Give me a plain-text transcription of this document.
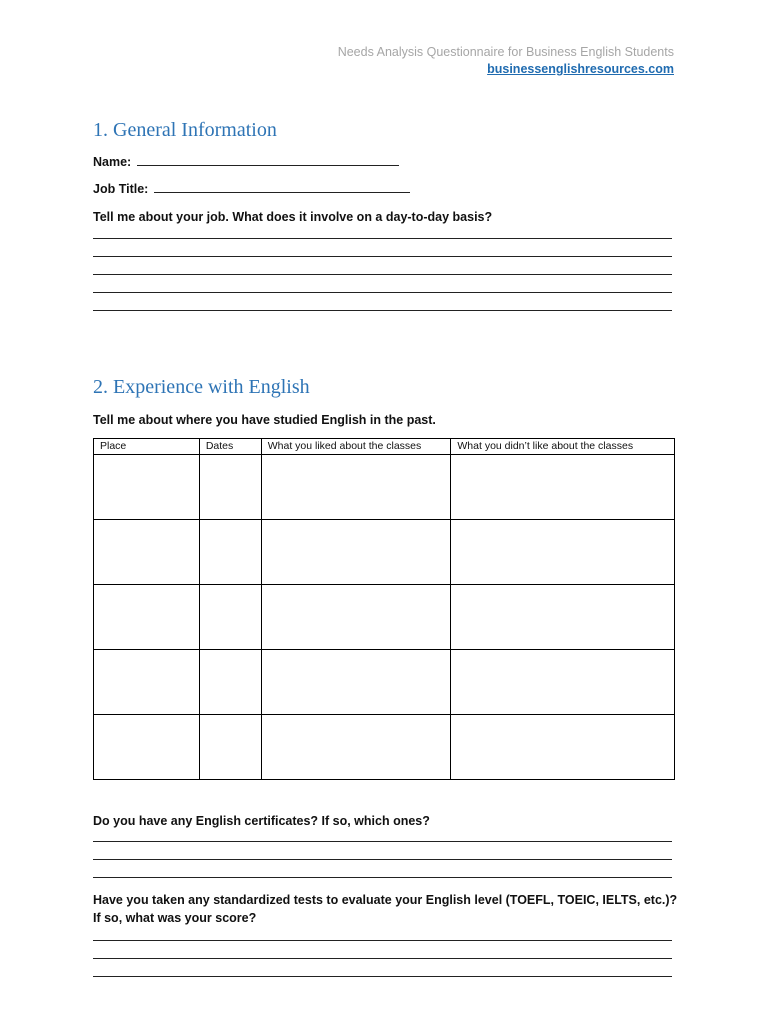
Needs Analysis Questionnaire for Business English Students
businessenglishresources.com
1. General Information
Name:
Job Title:
Tell me about your job. What does it involve on a day-to-day basis?
2. Experience with English
Tell me about where you have studied English in the past.
Place	Dates	What you liked about the classes	What you didn’t like about the classes

Do you have any English certificates? If so, which ones?
Have you taken any standardized tests to evaluate your English level (TOEFL, TOEIC, IELTS, etc.)? If so, what was your score?
